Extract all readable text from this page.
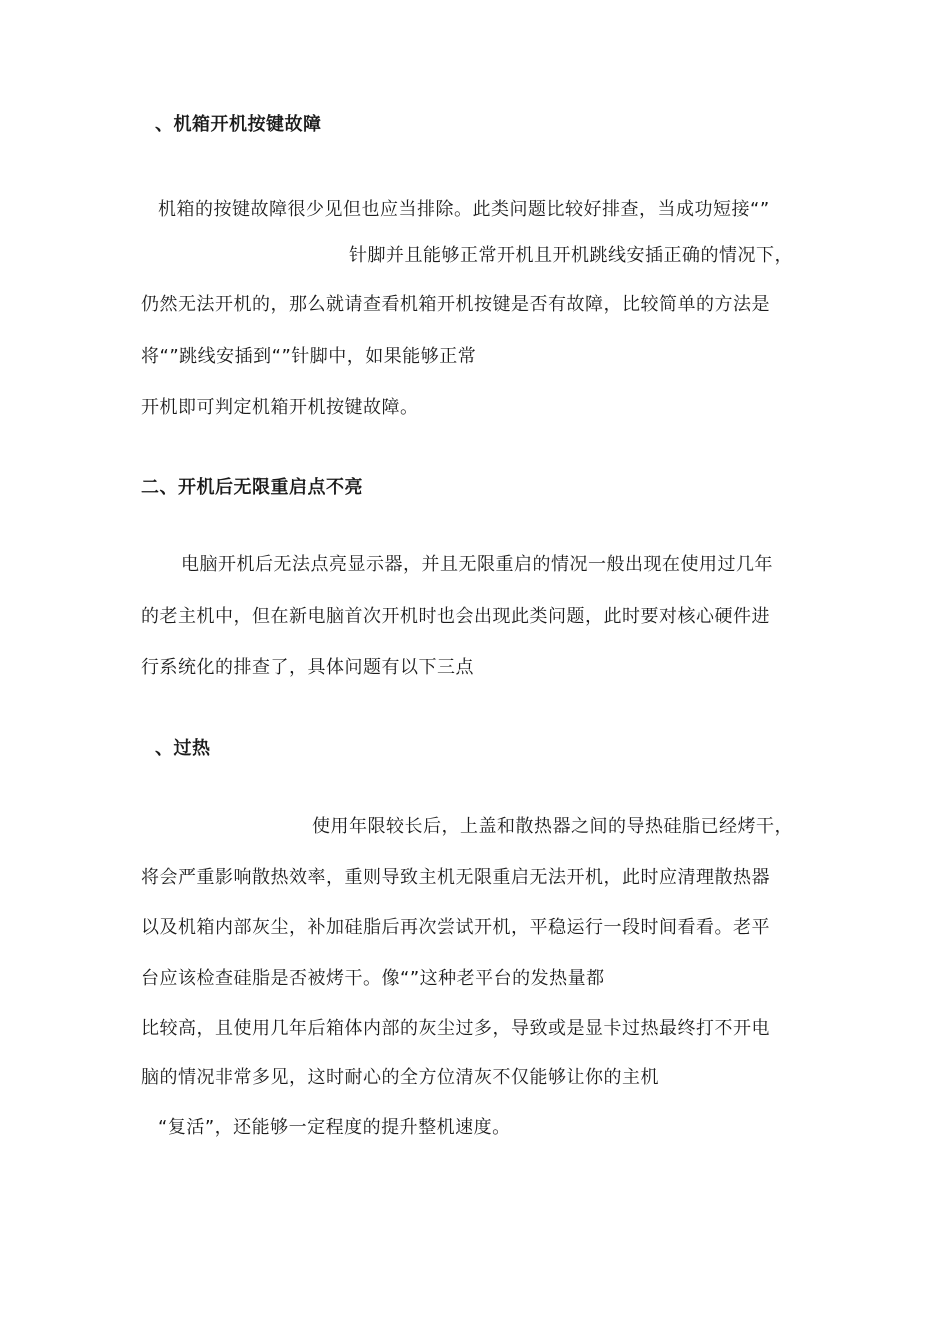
、机箱开机按键故障
机箱的按键故障很少见但也应当排除。此类问题比较好排查，当成功短接“”
针脚并且能够正常开机且开机跳线安插正确的情况下，
仍然无法开机的，那么就请查看机箱开机按键是否有故障，比较简单的方法是
将“”跳线安插到“”针脚中，如果能够正常
开机即可判定机箱开机按键故障。
二、开机后无限重启点不亮
电脑开机后无法点亮显示器，并且无限重启的情况一般出现在使用过几年
的老主机中，但在新电脑首次开机时也会出现此类问题，此时要对核心硬件进
行系统化的排查了，具体问题有以下三点
、过热
使用年限较长后，上盖和散热器之间的导热硅脂已经烤干，
将会严重影响散热效率，重则导致主机无限重启无法开机，此时应清理散热器
以及机箱内部灰尘，补加硅脂后再次尝试开机，平稳运行一段时间看看。老平
台应该检查硅脂是否被烤干。像“”这种老平台的发热量都
比较高，且使用几年后箱体内部的灰尘过多，导致或是显卡过热最终打不开电
脑的情况非常多见，这时耐心的全方位清灰不仅能够让你的主机
“复活”，还能够一定程度的提升整机速度。
